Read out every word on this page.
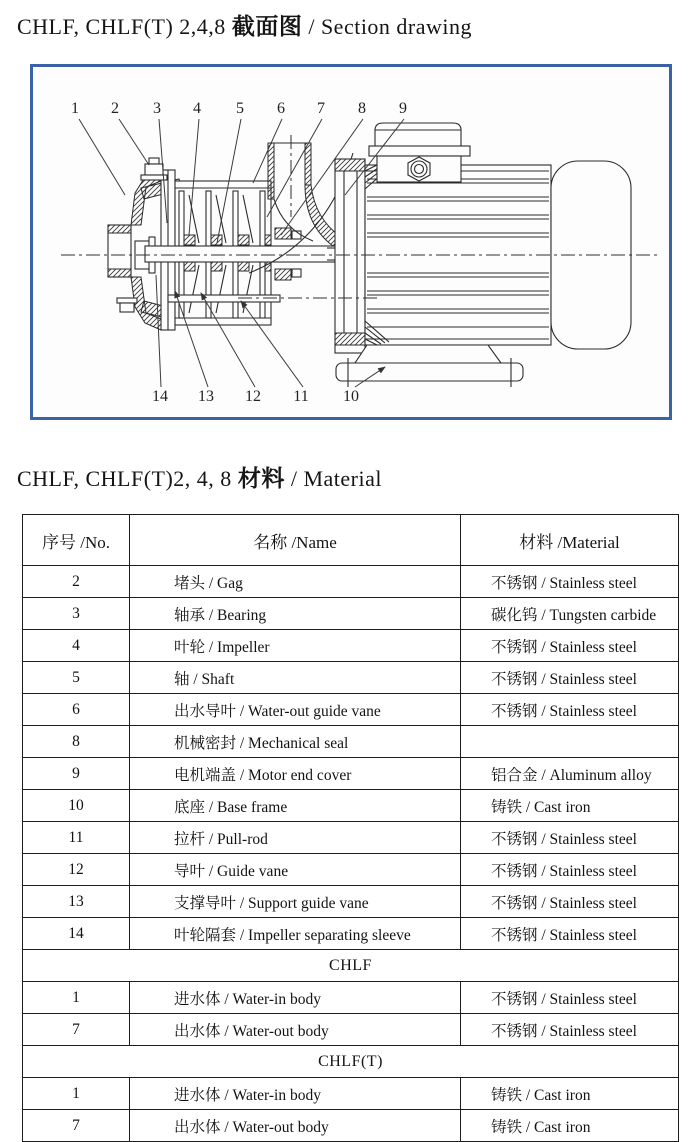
CHLF, CHLF(T) 2,4,8 截面图 / Section drawing
1 2 3 4 5 6 7 8 9
14 13 12 11 10
CHLF, CHLF(T)2, 4, 8 材料 / Material
序号 /No.	名称 /Name	材料 /Material
2	堵头 / Gag	不锈钢 / Stainless steel
3	轴承 / Bearing	碳化钨 / Tungsten carbide
4	叶轮 / Impeller	不锈钢 / Stainless steel
5	轴 / Shaft	不锈钢 / Stainless steel
6	出水导叶 / Water-out guide vane	不锈钢 / Stainless steel
8	机械密封 / Mechanical seal	
9	电机端盖 / Motor end cover	铝合金 / Aluminum alloy
10	底座 / Base frame	铸铁 / Cast iron
11	拉杆 / Pull-rod	不锈钢 / Stainless steel
12	导叶 / Guide vane	不锈钢 / Stainless steel
13	支撑导叶 / Support guide vane	不锈钢 / Stainless steel
14	叶轮隔套 / Impeller separating sleeve	不锈钢 / Stainless steel
CHLF		
1	进水体 / Water-in body	不锈钢 / Stainless steel
7	出水体 / Water-out body	不锈钢 / Stainless steel
CHLF(T)		
1	进水体 / Water-in body	铸铁 / Cast iron
7	出水体 / Water-out body	铸铁 / Cast iron
